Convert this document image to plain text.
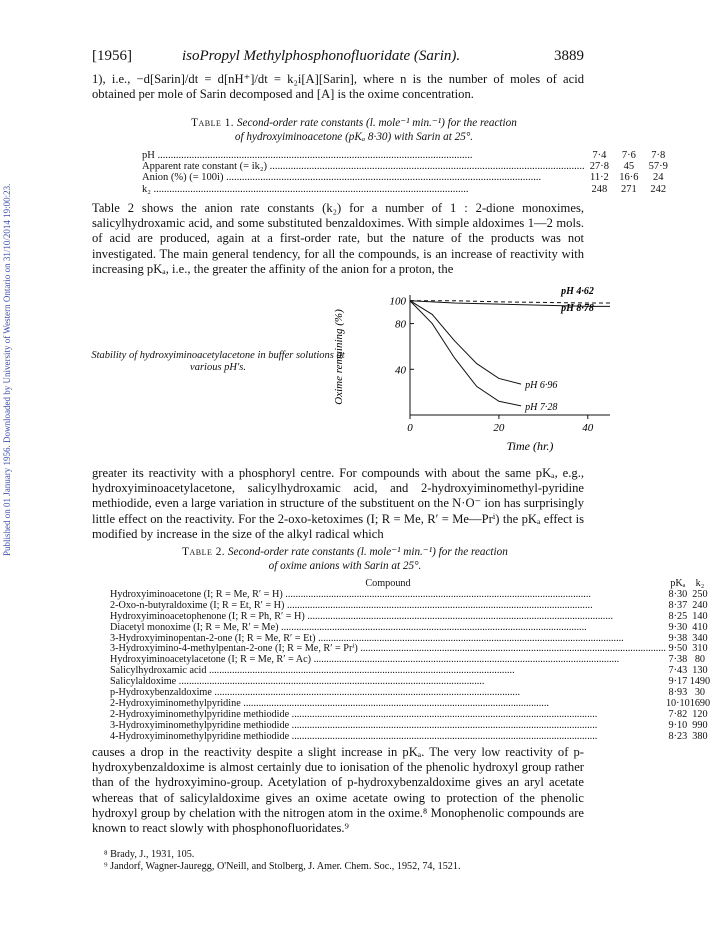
Published on 01 January 1956. Downloaded by University of Western Ontario on 31/10/2014 19:00:23.
[1956]	isoPropyl Methylphosphonofluoridate (Sarin).	3889

1), i.e., −d[Sarin]/dt = d[nH⁺]/dt = k₂i[A][Sarin], where n is the number of moles of acid obtained per mole of Sarin decomposed and [A] is the oxime concentration.

Table 1. Second-order rate constants (l. mole⁻¹ min.⁻¹) for the reaction
of hydroxyiminoacetone (pKₐ 8·30) with Sarin at 25°.
pH .....	7·4	7·6	7·8
Apparent rate constant (= ik₂) .....	27·8	45	57·9
Anion (%) (= 100i) .....	11·2	16·6	24
k₂ .....	248	271	242

Table 2 shows the anion rate constants (k₂) for a number of 1 : 2-dione monoximes, salicylhydroxamic acid, and some substituted benzaldoximes. With simple aldoximes 1—2 mols. of acid are produced, again at a first-order rate, but the nature of the products was not investigated. The main general tendency, for all the compounds, is an increase of reactivity with increasing pKₐ, i.e., the greater the affinity of the anion for a proton, the

Stability of hydroxyiminoacetylacetone in buffer solutions at various pH's.
100
80
40
0	20	40
pH 4·62
pH 8·78
pH 6·96
pH 7·28
Oxime remaining (%)
Time (hr.)

greater its reactivity with a phosphoryl centre. For compounds with about the same pKₐ, e.g., hydroxyiminoacetylacetone, salicylhydroxamic acid, and 2-hydroxyiminomethyl-pyridine methiodide, even a large variation in structure of the substituent on the N·O⁻ ion has surprisingly little effect on the reactivity. For the 2-oxo-ketoximes (I; R = Me, R′ = Me—Prⁱ) the pKₐ effect is modified by increase in the size of the alkyl radical which

Table 2. Second-order rate constants (l. mole⁻¹ min.⁻¹) for the reaction
of oxime anions with Sarin at 25°.
Compound	pKₐ	k₂
Hydroxyiminoacetone (I; R = Me, R′ = H) .....	8·30	250
2-Oxo-n-butyraldoxime (I; R = Et, R′ = H) .....	8·37	240
Hydroxyiminoacetophenone (I; R = Ph, R′ = H) .....	8·25	140
Diacetyl monoxime (I; R = Me, R′ = Me) .....	9·30	410
3-Hydroxyiminopentan-2-one (I; R = Me, R′ = Et) .....	9·38	340
3-Hydroxyimino-4-methylpentan-2-one (I; R = Me, R′ = Prⁱ) .....	9·50	310
Hydroxyiminoacetylacetone (I; R = Me, R′ = Ac) .....	7·38	80
Salicylhydroxamic acid .....	7·43	130
Salicylaldoxime .....	9·17	1490
p-Hydroxybenzaldoxime .....	8·93	30
2-Hydroxyiminomethylpyridine .....	10·10	1690
2-Hydroxyiminomethylpyridine methiodide .....	7·82	120
3-Hydroxyiminomethylpyridine methiodide .....	9·10	990
4-Hydroxyiminomethylpyridine methiodide .....	8·23	380

causes a drop in the reactivity despite a slight increase in pKₐ. The very low reactivity of p-hydroxybenzaldoxime is almost certainly due to ionisation of the phenolic hydroxyl group rather than of the hydroxyimino-group. Acetylation of p-hydroxybenzaldoxime gives an aryl acetate whereas that of salicylaldoxime gives an oxime acetate owing to protection of the phenolic hydroxyl group by chelation with the nitrogen atom in the oxime.⁸ Monophenolic compounds are known to react slowly with phosphonofluoridates.⁹

⁸ Brady, J., 1931, 105.
⁹ Jandorf, Wagner-Jauregg, O'Neill, and Stolberg, J. Amer. Chem. Soc., 1952, 74, 1521.
